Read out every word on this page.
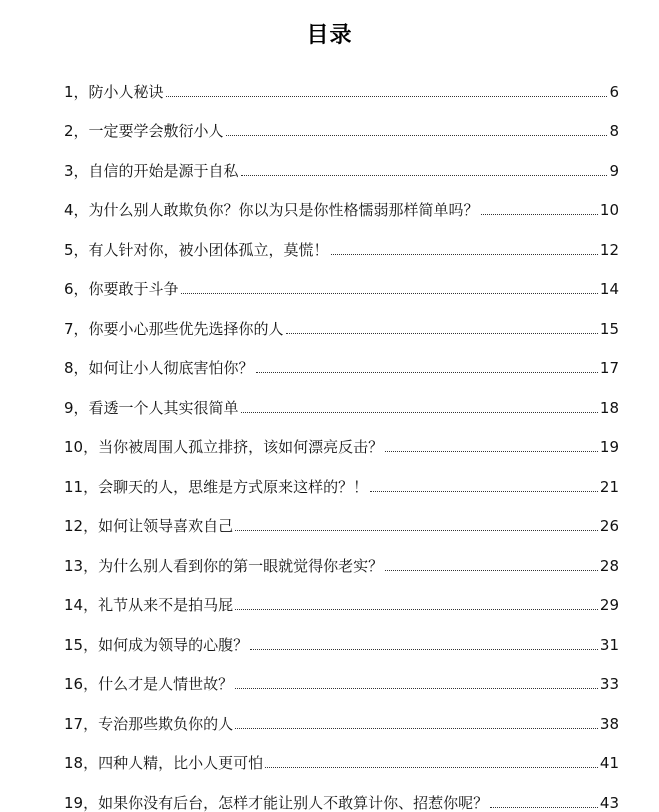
目录
1，防小人秘诀	6
2，一定要学会敷衍小人	8
3，自信的开始是源于自私	9
4，为什么别人敢欺负你？你以为只是你性格懦弱那样简单吗？	10
5，有人针对你，被小团体孤立，莫慌！	12
6，你要敢于斗争	14
7，你要小心那些优先选择你的人	15
8，如何让小人彻底害怕你？	17
9，看透一个人其实很简单	18
10，当你被周围人孤立排挤，该如何漂亮反击？	19
11，会聊天的人，思维是方式原来这样的？！	21
12，如何让领导喜欢自己	26
13，为什么别人看到你的第一眼就觉得你老实？	28
14，礼节从来不是拍马屁	29
15，如何成为领导的心腹？	31
16，什么才是人情世故？	33
17，专治那些欺负你的人	38
18，四种人精，比小人更可怕	41
19，如果你没有后台，怎样才能让别人不敢算计你、招惹你呢？	43
